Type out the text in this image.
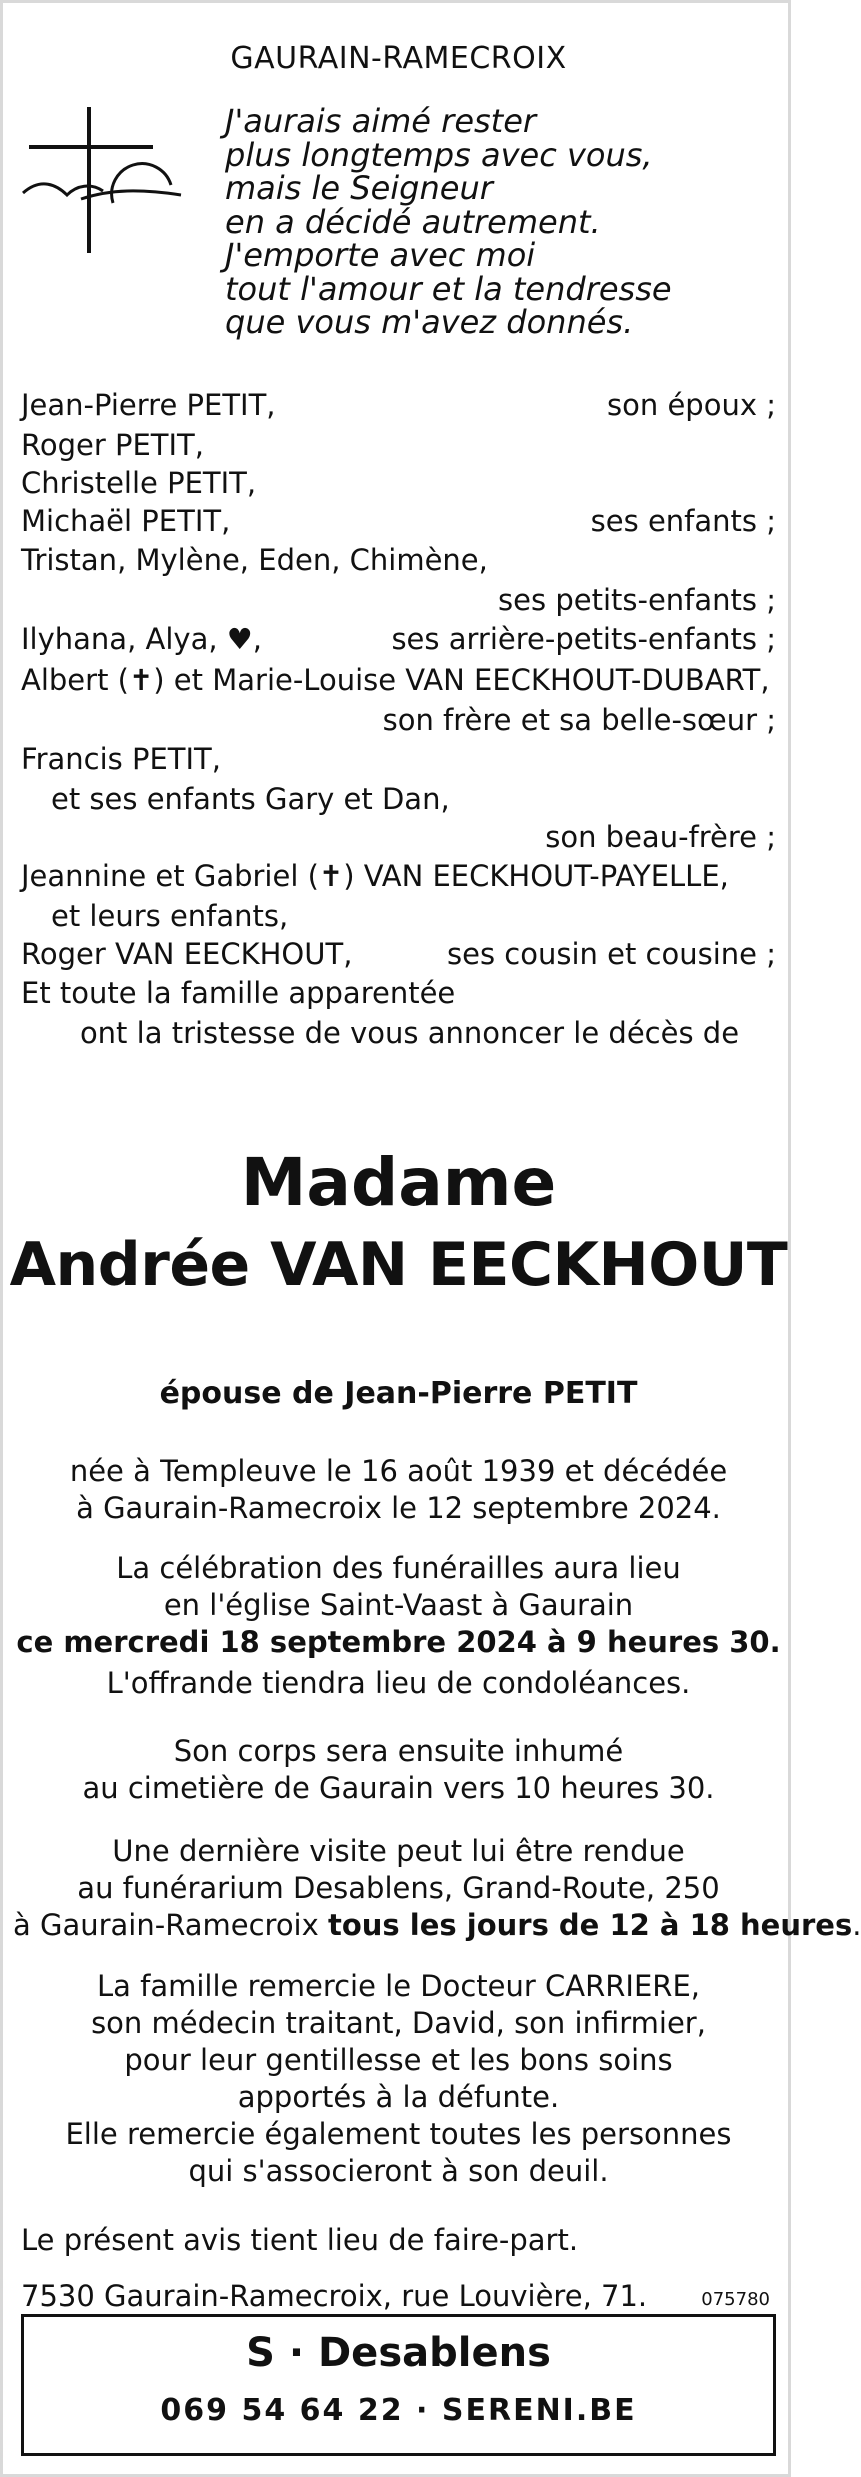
GAURAIN-RAMECROIX
J'aurais aimé rester
plus longtemps avec vous,
mais le Seigneur
en a décidé autrement.
J'emporte avec moi
tout l'amour et la tendresse
que vous m'avez donnés.
Jean-Pierre PETIT,	son époux ;
Roger PETIT,
Christelle PETIT,
Michaël PETIT,	ses enfants ;
Tristan, Mylène, Eden, Chimène,
ses petits-enfants ;
Ilyhana, Alya, ♥,	ses arrière-petits-enfants ;
Albert (✝) et Marie-Louise VAN EECKHOUT-DUBART,
son frère et sa belle-sœur ;
Francis PETIT,
et ses enfants Gary et Dan,
son beau-frère ;
Jeannine et Gabriel (✝) VAN EECKHOUT-PAYELLE,
et leurs enfants,
Roger VAN EECKHOUT,	ses cousin et cousine ;
Et toute la famille apparentée
ont la tristesse de vous annoncer le décès de
Madame
Andrée VAN EECKHOUT
épouse de Jean-Pierre PETIT
née à Templeuve le 16 août 1939 et décédée
à Gaurain-Ramecroix le 12 septembre 2024.
La célébration des funérailles aura lieu
en l'église Saint-Vaast à Gaurain
ce mercredi 18 septembre 2024 à 9 heures 30.
L'offrande tiendra lieu de condoléances.
Son corps sera ensuite inhumé
au cimetière de Gaurain vers 10 heures 30.
Une dernière visite peut lui être rendue
au funérarium Desablens, Grand-Route, 250
à Gaurain-Ramecroix tous les jours de 12 à 18 heures.
La famille remercie le Docteur CARRIERE,
son médecin traitant, David, son infirmier,
pour leur gentillesse et les bons soins
apportés à la défunte.
Elle remercie également toutes les personnes
qui s'associeront à son deuil.
Le présent avis tient lieu de faire-part.
7530 Gaurain-Ramecroix, rue Louvière, 71.	075780
S · Desablens
069 54 64 22 · SERENI.BE
